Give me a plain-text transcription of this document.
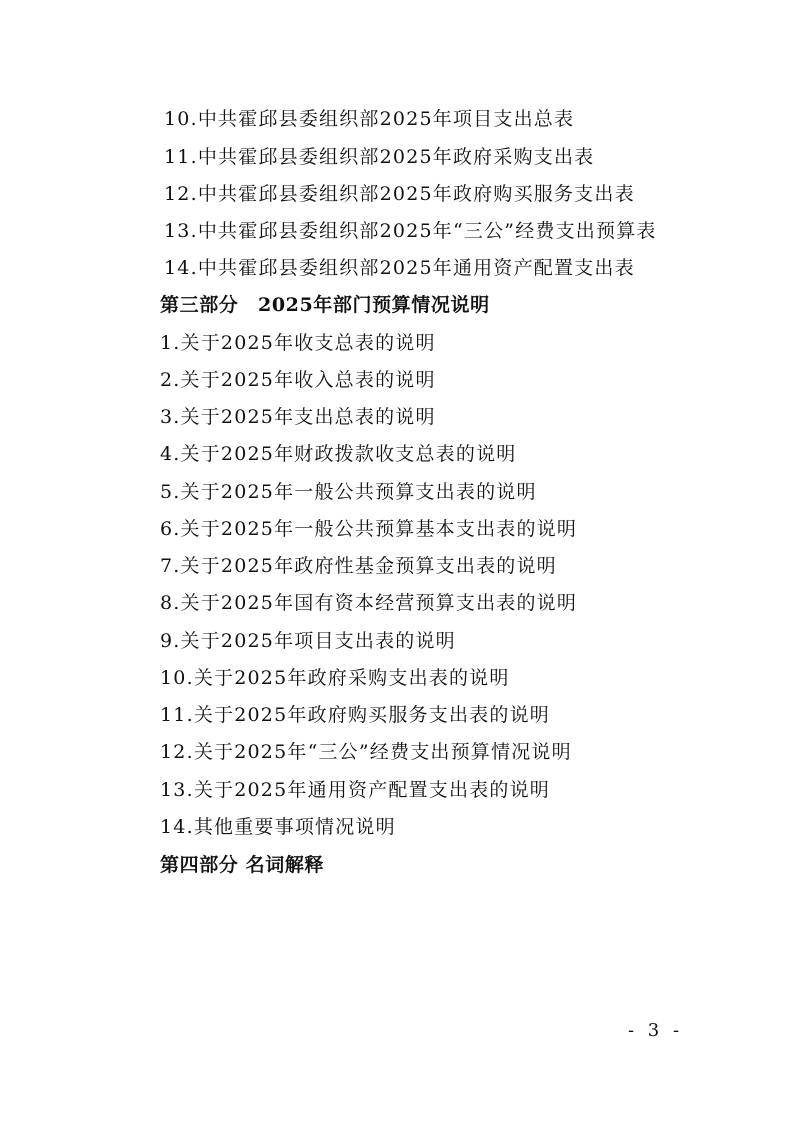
10.中共霍邱县委组织部2025年项目支出总表
11.中共霍邱县委组织部2025年政府采购支出表
12.中共霍邱县委组织部2025年政府购买服务支出表
13.中共霍邱县委组织部2025年“三公”经费支出预算表
14.中共霍邱县委组织部2025年通用资产配置支出表
第三部分　2025年部门预算情况说明
1.关于2025年收支总表的说明
2.关于2025年收入总表的说明
3.关于2025年支出总表的说明
4.关于2025年财政拨款收支总表的说明
5.关于2025年一般公共预算支出表的说明
6.关于2025年一般公共预算基本支出表的说明
7.关于2025年政府性基金预算支出表的说明
8.关于2025年国有资本经营预算支出表的说明
9.关于2025年项目支出表的说明
10.关于2025年政府采购支出表的说明
11.关于2025年政府购买服务支出表的说明
12.关于2025年“三公”经费支出预算情况说明
13.关于2025年通用资产配置支出表的说明
14.其他重要事项情况说明
第四部分 名词解释
- 3 -
